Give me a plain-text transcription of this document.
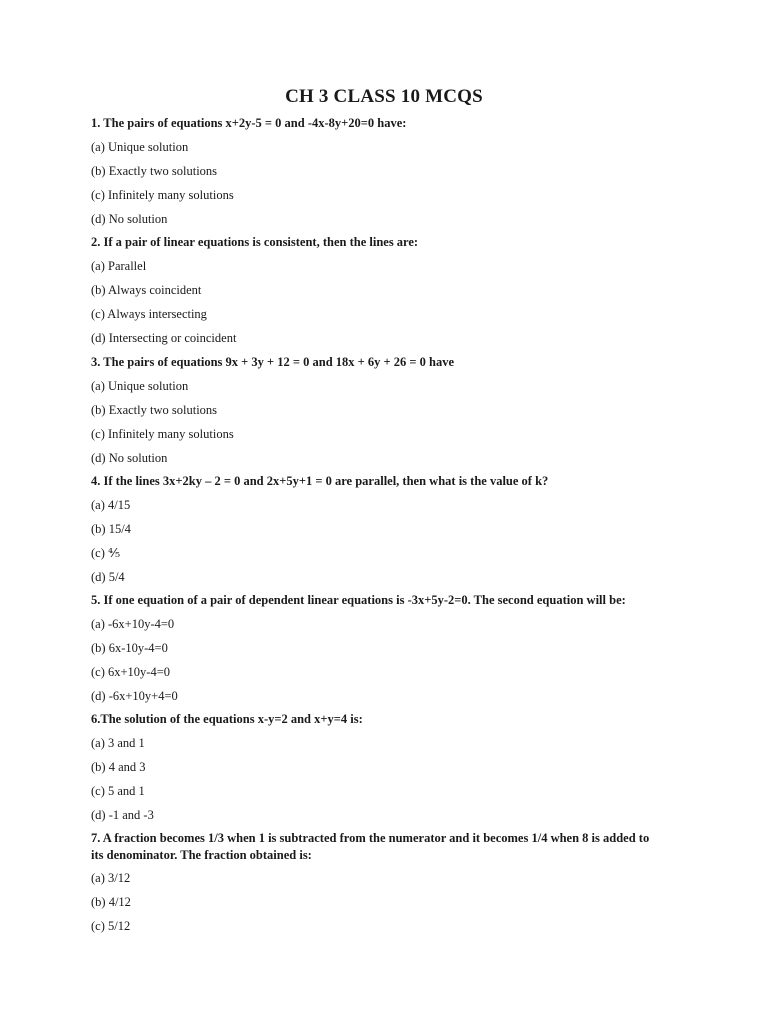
CH 3 CLASS 10 MCQS
1. The pairs of equations x+2y-5 = 0 and -4x-8y+20=0 have:
(a) Unique solution
(b) Exactly two solutions
(c) Infinitely many solutions
(d) No solution
2. If a pair of linear equations is consistent, then the lines are:
(a) Parallel
(b) Always coincident
(c) Always intersecting
(d) Intersecting or coincident
3. The pairs of equations 9x + 3y + 12 = 0 and 18x + 6y + 26 = 0 have
(a) Unique solution
(b) Exactly two solutions
(c) Infinitely many solutions
(d) No solution
4. If the lines 3x+2ky – 2 = 0 and 2x+5y+1 = 0 are parallel, then what is the value of k?
(a) 4/15
(b) 15/4
(c) ⅘
(d) 5/4
5. If one equation of a pair of dependent linear equations is -3x+5y-2=0. The second equation will be:
(a) -6x+10y-4=0
(b) 6x-10y-4=0
(c) 6x+10y-4=0
(d) -6x+10y+4=0
6.The solution of the equations x-y=2 and x+y=4 is:
(a) 3 and 1
(b) 4 and 3
(c) 5 and 1
(d) -1 and -3
7. A fraction becomes 1/3 when 1 is subtracted from the numerator and it becomes 1/4 when 8 is added to its denominator. The fraction obtained is:
(a) 3/12
(b) 4/12
(c) 5/12
